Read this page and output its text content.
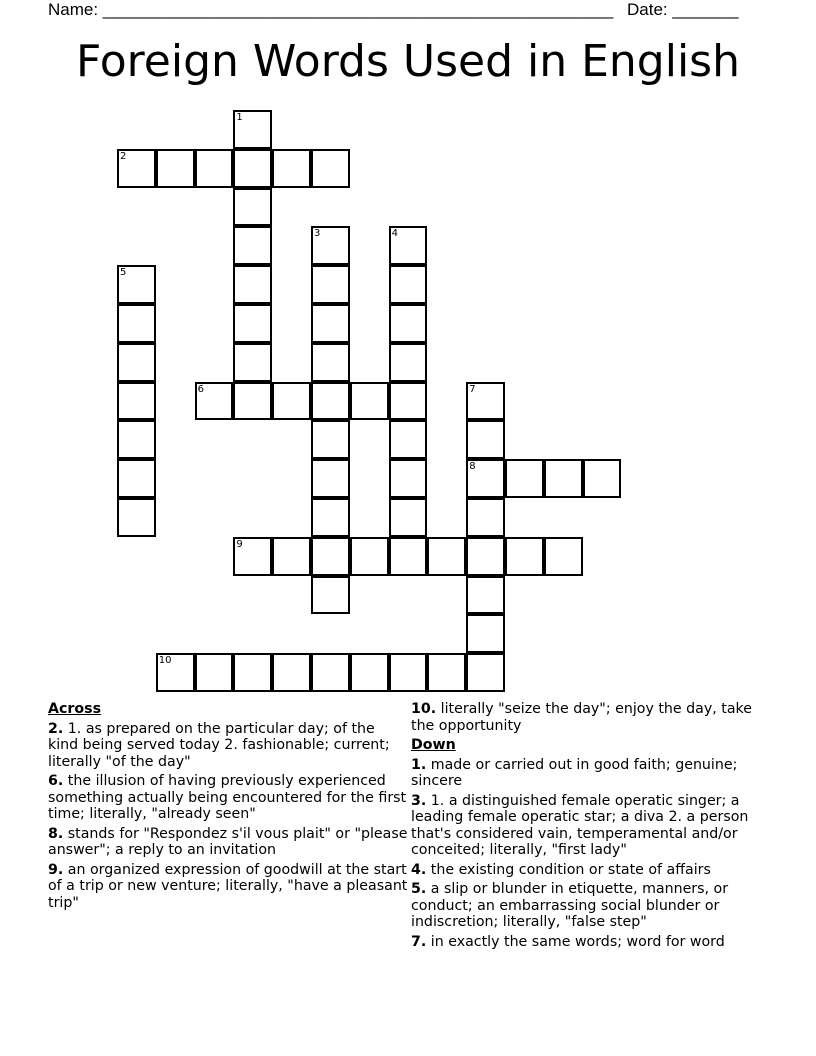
Name: ______________________________________________________ Date: _______
Foreign Words Used in English
1
2
3	4
5
6	7
8
9
10
Across
2. 1. as prepared on the particular day; of the kind being served today 2. fashionable; current; literally "of the day"
6. the illusion of having previously experienced something actually being encountered for the first time; literally, "already seen"
8. stands for "Respondez s'il vous plait" or "please answer"; a reply to an invitation
9. an organized expression of goodwill at the start of a trip or new venture; literally, "have a pleasant trip"
10. literally "seize the day"; enjoy the day, take the opportunity
Down
1. made or carried out in good faith; genuine; sincere
3. 1. a distinguished female operatic singer; a leading female operatic star; a diva 2. a person that's considered vain, temperamental and/or conceited; literally, "first lady"
4. the existing condition or state of affairs
5. a slip or blunder in etiquette, manners, or conduct; an embarrassing social blunder or indiscretion; literally, "false step"
7. in exactly the same words; word for word
